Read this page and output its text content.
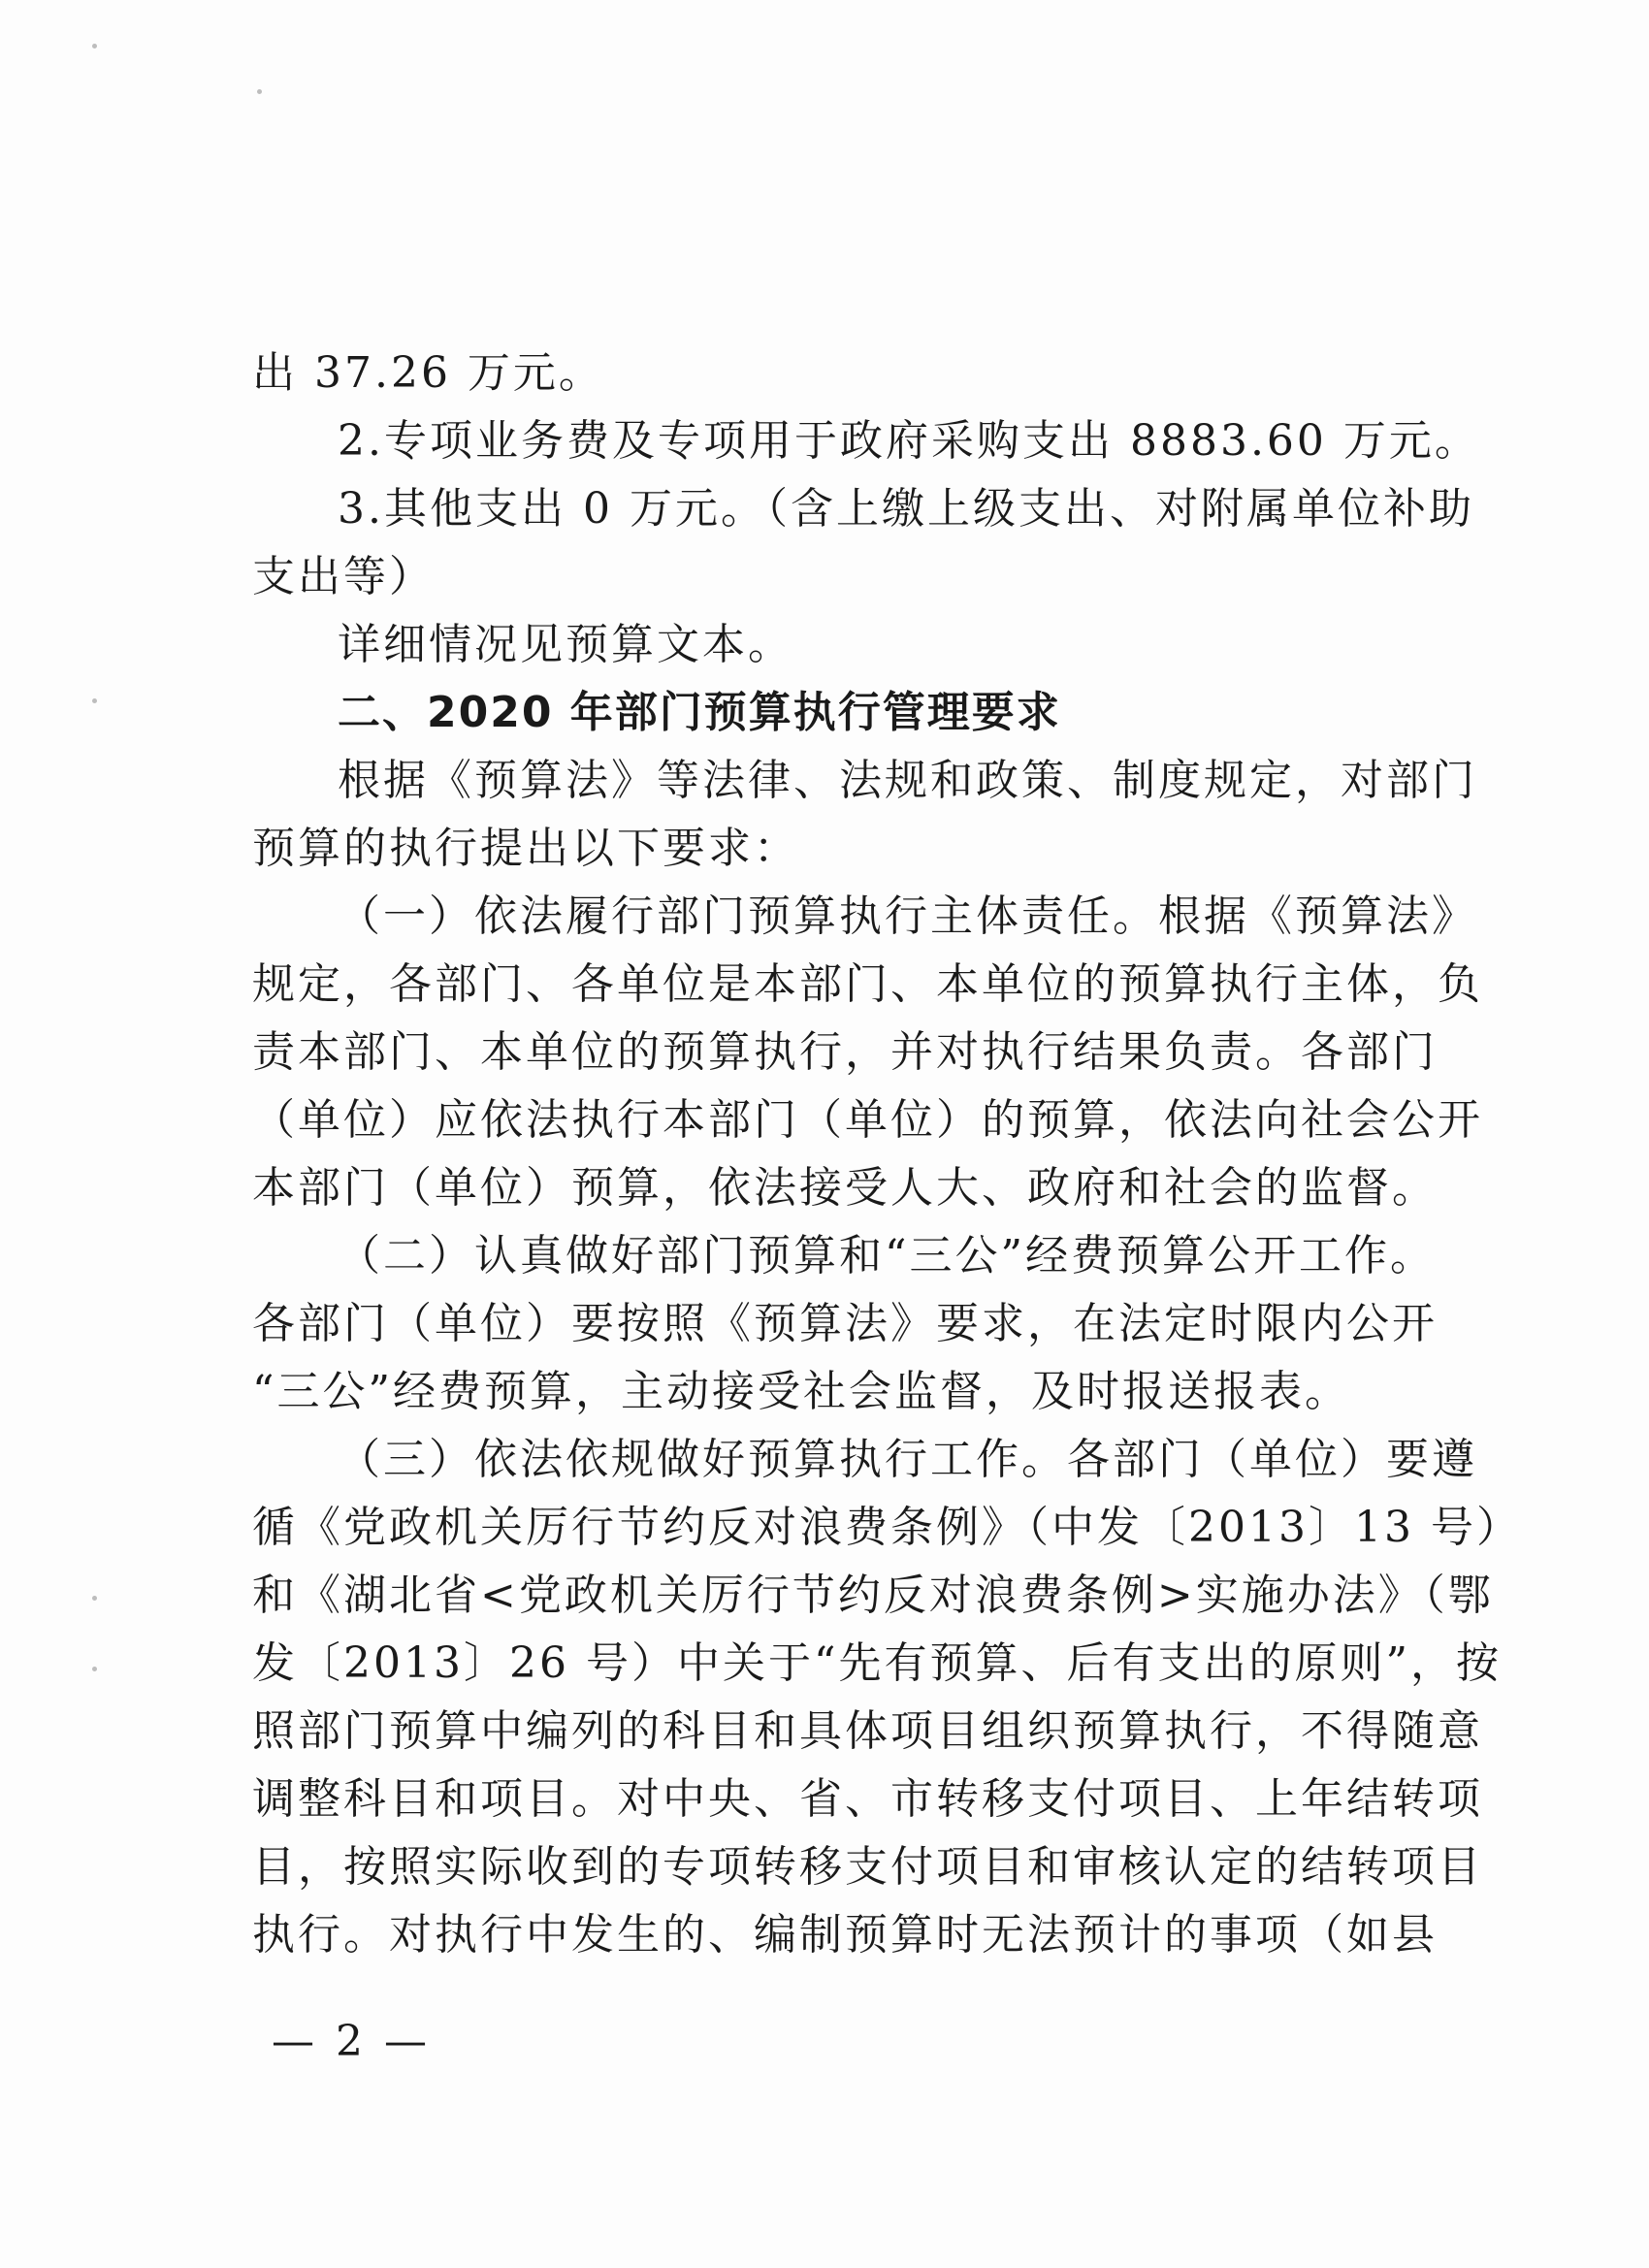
出 37.26 万元。
2.专项业务费及专项用于政府采购支出 8883.60 万元。
3.其他支出 0 万元。（含上缴上级支出、对附属单位补助
支出等）
详细情况见预算文本。
二、2020 年部门预算执行管理要求
根据《预算法》等法律、法规和政策、制度规定，对部门
预算的执行提出以下要求：
（一）依法履行部门预算执行主体责任。根据《预算法》
规定，各部门、各单位是本部门、本单位的预算执行主体，负
责本部门、本单位的预算执行，并对执行结果负责。各部门
（单位）应依法执行本部门（单位）的预算，依法向社会公开
本部门（单位）预算，依法接受人大、政府和社会的监督。
（二）认真做好部门预算和“三公”经费预算公开工作。
各部门（单位）要按照《预算法》要求，在法定时限内公开
“三公”经费预算，主动接受社会监督，及时报送报表。
（三）依法依规做好预算执行工作。各部门（单位）要遵
循《党政机关厉行节约反对浪费条例》（中发〔2013〕13 号）
和《湖北省<党政机关厉行节约反对浪费条例>实施办法》（鄂
发〔2013〕26 号）中关于“先有预算、后有支出的原则”，按
照部门预算中编列的科目和具体项目组织预算执行，不得随意
调整科目和项目。对中央、省、市转移支付项目、上年结转项
目，按照实际收到的专项转移支付项目和审核认定的结转项目
执行。对执行中发生的、编制预算时无法预计的事项（如县
— 2 —
